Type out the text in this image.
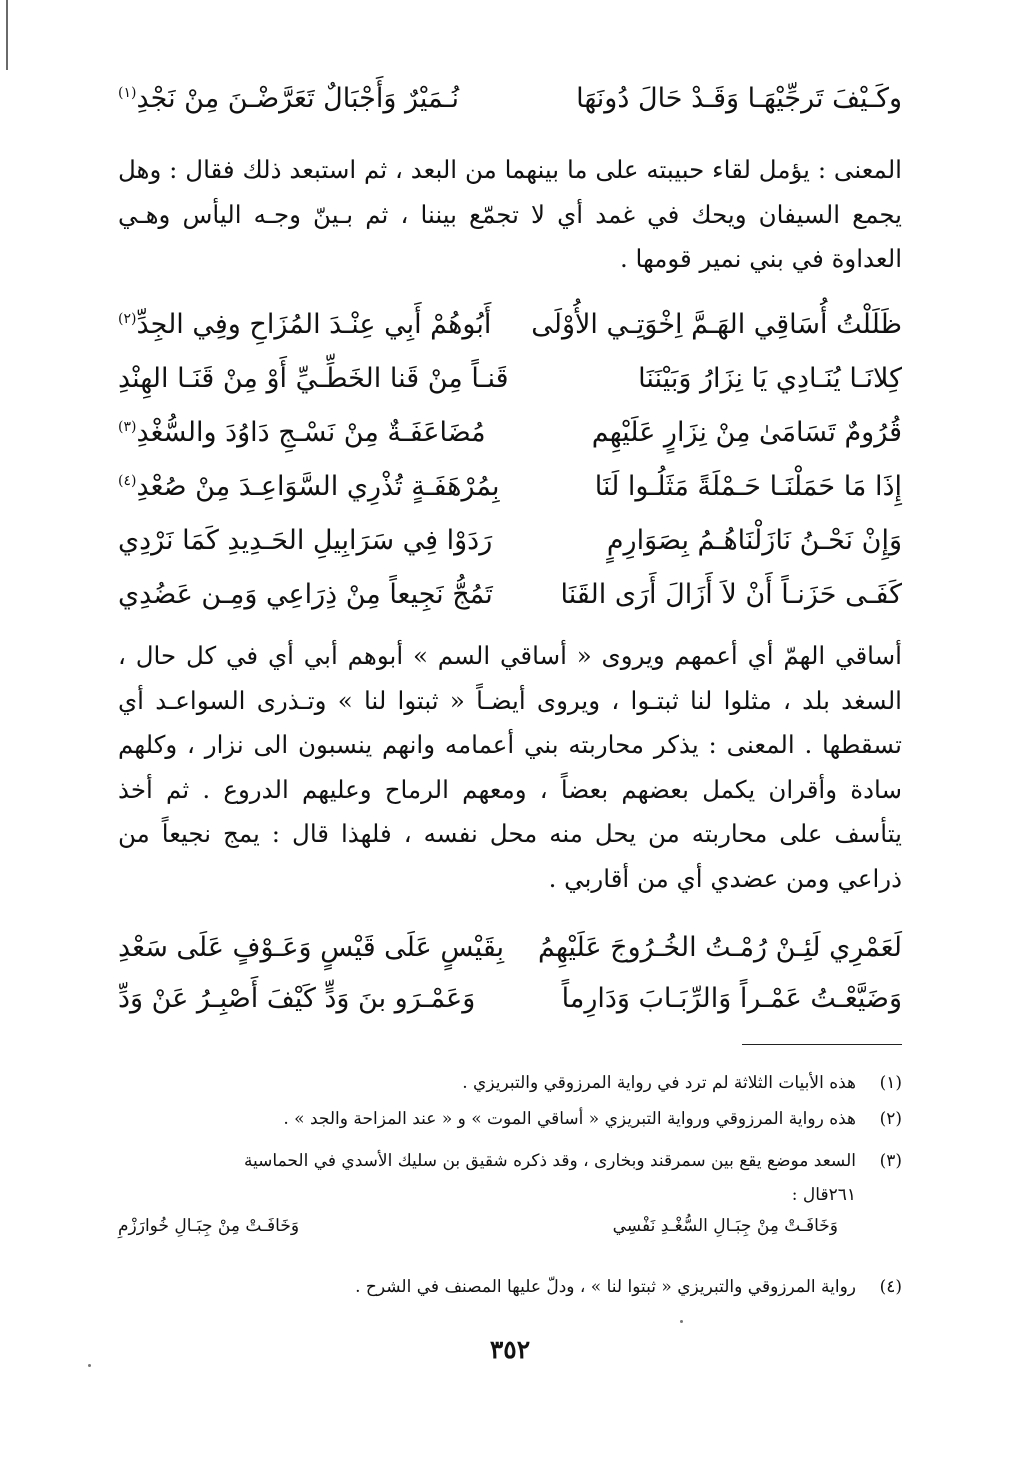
وكَـيْفَ تَرجِّيْهَـا وَقَـدْ حَالَ دُونَهَا
نُـمَيْرٌ وَأَجْبَالٌ تَعَرَّضْـنَ مِنْ نَجْدِ$^{(١)}$
المعنى : يؤمل لقاء حبيبته على ما بينهما من البعد ، ثم استبعد ذلك فقال : وهل يجمع السيفان ويحك في غمد أي لا تجمّع بيننا ، ثم بـينّ وجـه اليأس وهـي العداوة في بني نمير قومها .
ظَلَلْتُ أُسَاقِي الهَـمَّ اِخْوَتِـي الأُوْلَى
أَبُوهُمْ أَبِي عِنْـدَ المُزَاحِ وفِي الجِدِّ$^{(٢)}$
كِلانَـا يُنَـادِي يَا نِزَارُ وَبَيْنَنَا
قَنـاً مِنْ قَنا الخَطِّـيِّ أَوْ مِنْ قَنَـا الهِنْدِ
قُرُومٌ تَسَامَىٰ مِنْ نِزَارٍ عَلَيْهِم
مُضَاعَفَـةٌ مِنْ نَسْـجِ دَاوُدَ والسُّغْدِ$^{(٣)}$
إِذَا مَا حَمَلْنَـا حَـمْلَةً مَثَلُـوا لَنَا
بِمُرْهَفَـةٍ تُذْرِي السَّوَاعِـدَ مِنْ صُعْدِ$^{(٤)}$
وَإِنْ نَحْـنُ نَازَلْنَاهُـمُ بِصَوَارِمٍ
رَدَوْا فِي سَرَابِيلِ الحَـدِيدِ كَمَا نَرْدِي
كَفَـى حَزَنـاً أَنْ لاَ أَزَالَ أَرَى القَنَا
تَمُجُّ نَجِيعاً مِنْ ذِرَاعِي وَمِـن عَضُدِي
أساقي الهمّ أي أعمهم ويروى « أساقي السم » أبوهم أبي أي في كل حال ، السغد بلد ، مثلوا لنا ثبتـوا ، ويروى أيضـاً « ثبتوا لنا » وتـذرى السواعـد أي تسقطها . المعنى : يذكر محاربته بني أعمامه وانهم ينسبون الى نزار ، وكلهم سادة وأقران يكمل بعضهم بعضاً ، ومعهم الرماح وعليهم الدروع . ثم أخذ يتأسف على محاربته من يحل منه محل نفسه ، فلهذا قال : يمج نجيعاً من ذراعي ومن عضدي أي من أقاربي .
لَعَمْرِي لَئِـنْ رُمْـتُ الخُـرُوجَ عَلَيْهِمُ
بِقَيْسٍ عَلَى قَيْسٍ وَعَـوْفٍ عَلَى سَعْدِ
وَضَيَّعْـتُ عَمْـراً وَالرِّبَـابَ وَدَارِماً
وَعَمْـرَو بنَ وَدٍّ كَيْفَ أَصْبِـرُ عَنْ وَدِّ
(١)هذه الأبيات الثلاثة لم ترد في رواية المرزوقي والتبريزي .
(٢)هذه رواية المرزوقي ورواية التبريزي « أساقي الموت » و « عند المزاحة والجد » .
(٣)السعد موضع يقع بين سمرقند وبخارى ، وقد ذكره شقيق بن سليك الأسدي في الحماسية
٢٦١قال :
وَخَافَـتْ مِنْ جِبَـالِ السُّغْـدِ نَفْسِي
وَخَافَـتْ مِنْ جِبَـالِ خُوارَزْمِ
(٤)رواية المرزوقي والتبريزي « ثبتوا لنا » ، ودلّ عليها المصنف في الشرح .
٣٥٢
